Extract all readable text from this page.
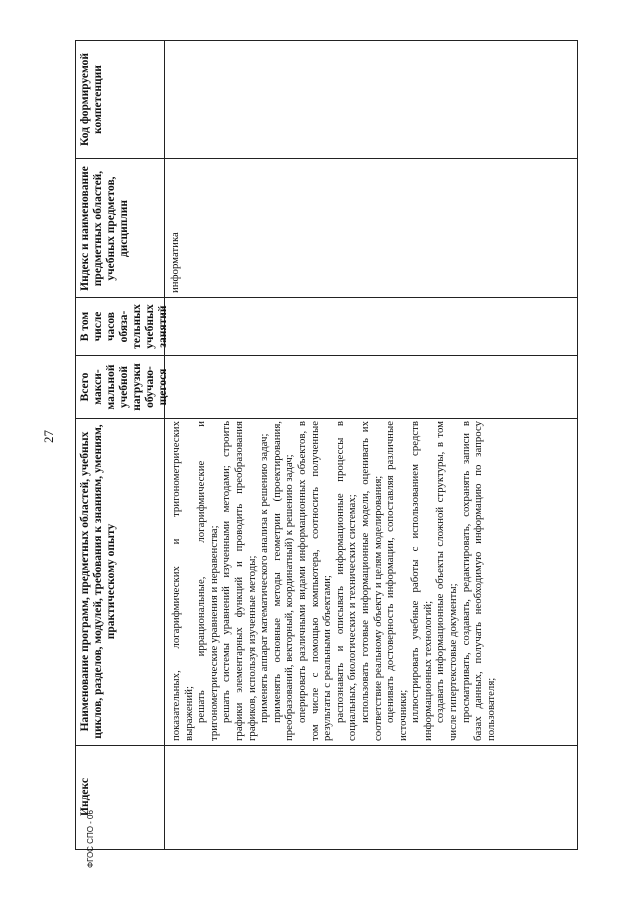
27
Индекс
Наименование программ, предметных областей, учебных циклов, разделов, модулей, требования к знаниям, умениям, практическому опыту
Всего макси-мальной учебной нагрузки обучаю-щегося
В том числе часов обяза-тельных учебных занятий
Индекс и наименование предметных областей, учебных предметов, дисциплин
Код формируемой компетенции
показательных, логарифмических и тригонометрических выражений; решать иррациональные, логарифмические и тригонометрические уравнения и неравенства; решать системы уравнений изученными методами; строить графики элементарных функций и проводить преобразования графиков, используя изученные методы; применять аппарат математического анализа к решению задач; применять основные методы геометрии (проектирования, преобразований, векторный, координатный) к решению задач; оперировать различными видами информационных объектов, в том числе с помощью компьютера, соотносить полученные результаты с реальными объектами; распознавать и описывать информационные процессы в социальных, биологических и технических системах; использовать готовые информационные модели, оценивать их соответствие реальному объекту и целям моделирования; оценивать достоверность информации, сопоставляя различные источники; иллюстрировать учебные работы с использованием средств информационных технологий; создавать информационные объекты сложной структуры, в том числе гипертекстовые документы; просматривать, создавать, редактировать, сохранять записи в базах данных, получать необходимую информацию по запросу пользователя;
информатика
ФГОС СПО - 06
